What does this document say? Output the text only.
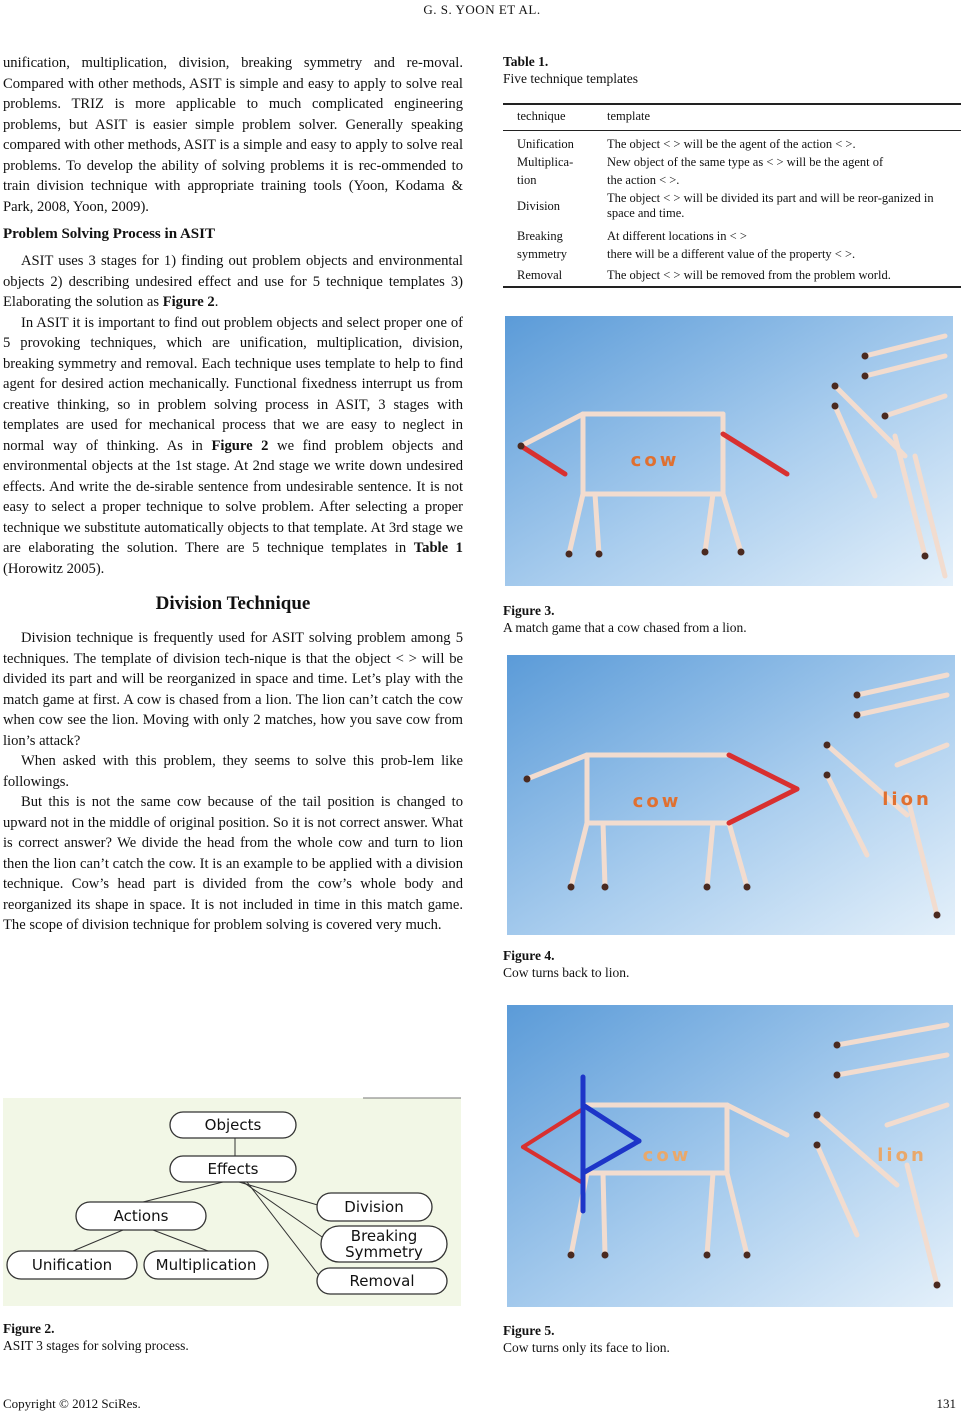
G. S. YOON ET AL.

unification, multiplication, division, breaking symmetry and re-moval. Compared with other methods, ASIT is simple and easy to apply to solve real problems. TRIZ is more applicable to much complicated engineering problems, but ASIT is easier simple problem solver. Generally speaking compared with other methods, ASIT is a simple and easy to apply to solve real problems. To develop the ability of solving problems it is rec-ommended to train division technique with appropriate training tools (Yoon, Kodama & Park, 2008, Yoon, 2009).

Problem Solving Process in ASIT

ASIT uses 3 stages for 1) finding out problem objects and environmental objects 2) describing undesired effect and use for 5 technique templates 3) Elaborating the solution as Figure 2.

In ASIT it is important to find out problem objects and select proper one of 5 provoking techniques, which are unification, multiplication, division, breaking symmetry and removal. Each technique uses template to help to find agent for desired action mechanically. Functional fixedness interrupt us from creative thinking, so in problem solving process in ASIT, 3 stages with templates are used for mechanical process that we are easy to neglect in normal way of thinking. As in Figure 2 we find problem objects and environmental objects at the 1st stage. At 2nd stage we write down undesired effects. And write the de-sirable sentence from undesirable sentence. It is not easy to select a proper technique to solve problem. After selecting a proper technique we substitute automatically objects to that template. At 3rd stage we are elaborating the solution. There are 5 technique templates in Table 1 (Horowitz 2005).

Division Technique

Division technique is frequently used for ASIT solving problem among 5 techniques. The template of division tech-nique is that the object < > will be divided its part and will be reorganized in space and time. Let’s play with the match game at first. A cow is chased from a lion. The lion can’t catch the cow when cow see the lion. Moving with only 2 matches, how you save cow from lion’s attack?

When asked with this problem, they seems to solve this prob-lem like followings.

But this is not the same cow because of the tail position is changed to upward not in the middle of original position. So it is not correct answer. What is correct answer? We divide the head from the whole cow and turn to lion then the lion can’t catch the cow. It is an example to be applied with a division technique. Cow’s head part is divided from the cow’s whole body and reorganized its shape in space. It is not included in time in this match game. The scope of division technique for problem solving is covered very much.

Objects
Effects
Actions
Unification	Multiplication
Division
Breaking
Symmetry
Removal
Figure 2.
ASIT 3 stages for solving process.
Table 1.
Five technique templates
technique	template
Unification	The object < > will be the agent of the action < >.
Multiplica-	New object of the same type as < > will be the agent of
tion	the action < >.
Division	The object < > will be divided its part and will be reor-ganized in space and time.
Breaking	At different locations in < >
symmetry	there will be a different value of the property < >.
Removal	The object < > will be removed from the problem world.
cow
Figure 3.
A match game that a cow chased from a lion.
cow	lion
Figure 4.
Cow turns back to lion.
cow	lion
Figure 5.
Cow turns only its face to lion.
Copyright © 2012 SciRes.	131
